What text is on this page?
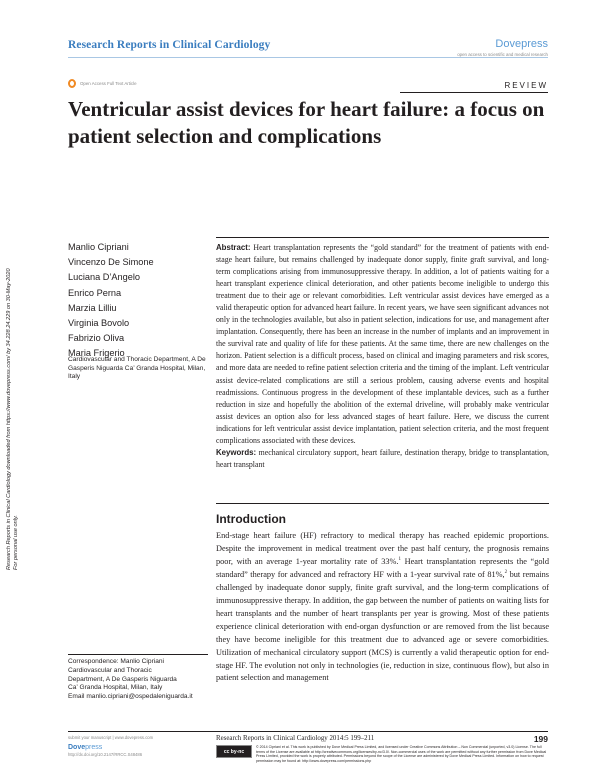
Research Reports in Clinical Cardiology downloaded from https://www.dovepress.com/ by 34.228.24.229 on 30-May-2020 For personal use only.
Research Reports in Clinical Cardiology	Dovepress
open access to scientific and medical research
Open Access Full Text Article	REVIEW
Ventricular assist devices for heart failure: a focus on patient selection and complications
Manlio Cipriani
Vincenzo De Simone
Luciana D’Angelo
Enrico Perna
Marzia Lilliu
Virginia Bovolo
Fabrizio Oliva
Maria Frigerio
Cardiovascular and Thoracic Department, A De Gasperis Niguarda Ca’ Granda Hospital, Milan, Italy

Abstract: Heart transplantation represents the “gold standard” for the treatment of patients with end-stage heart failure, but remains challenged by inadequate donor supply, finite graft survival, and long-term complications arising from immunosuppressive therapy. In addition, a lot of patients waiting for a heart transplant experience clinical deterioration, and other patients become ineligible to undergo this treatment due to their age or relevant comorbidities. Left ventricular assist devices have emerged as a valid therapeutic option for advanced heart failure. In recent years, we have seen significant advances not only in the technologies available, but also in patient selection, indications for use, and management after implantation. Consequently, there has been an increase in the number of implants and an improvement in the survival rate and quality of life for these patients. At the same time, there are new challenges on the horizon. Patient selection is a difficult process, based on clinical and imaging parameters and risk scores, and more data are needed to refine patient selection criteria and the timing of the implant. Left ventricular assist device-related complications are still a serious problem, causing adverse events and hospital readmissions. Continuous progress in the development of these implantable devices, such as a further reduction in size and hopefully the abolition of the external driveline, will probably make ventricular assist devices an option also for less advanced stages of heart failure. Here, we discuss the current indications for left ventricular assist device implantation, patient selection criteria, and the most frequent complications associated with these devices.

Keywords: mechanical circulatory support, heart failure, destination therapy, bridge to transplantation, heart transplant

Introduction

End-stage heart failure (HF) refractory to medical therapy has reached epidemic proportions. Despite the improvement in medical treatment over the past half century, the prognosis remains poor, with an average 1-year mortality rate of 33%.$^1$ Heart transplantation represents the “gold standard” therapy for advanced and refractory HF with a 1-year survival rate of 81%,$^2$ but remains challenged by inadequate donor supply, finite graft survival, and the long-term complications of immunosuppressive therapy. In addition, the gap between the number of patients on waiting lists for heart transplants and the number of heart transplants per year is growing. Most of these patients experience clinical deterioration with end-organ dysfunction or are removed from the list because they have become ineligible for this treatment due to advanced age or severe comorbidities. Utilization of mechanical circulatory support (MCS) is currently a valid therapeutic option for end-stage HF. The evolution not only in technologies (ie, reduction in size, continuous flow), but also in patient selection and management

Correspondence: Manlio Cipriani
Cardiovascular and Thoracic
Department, A De Gasperis Niguarda
Ca’ Granda Hospital, Milan, Italy
Email manlio.cipriani@ospedaleniguarda.it
submit your manuscript | www.dovepress.com
Dovepress
http://dx.doi.org/10.2147/RRCC.S48486
Research Reports in Clinical Cardiology 2014:5 199–211	199
cc by-nc
© 2014 Cipriani et al. This work is published by Dove Medical Press Limited, and licensed under Creative Commons Attribution – Non Commercial (unported, v3.0) License. The full terms of the License are available at http://creativecommons.org/licenses/by-nc/3.0/. Non-commercial uses of the work are permitted without any further permission from Dove Medical Press Limited, provided the work is properly attributed. Permissions beyond the scope of the License are administered by Dove Medical Press Limited. Information on how to request permission may be found at: http://www.dovepress.com/permissions.php
